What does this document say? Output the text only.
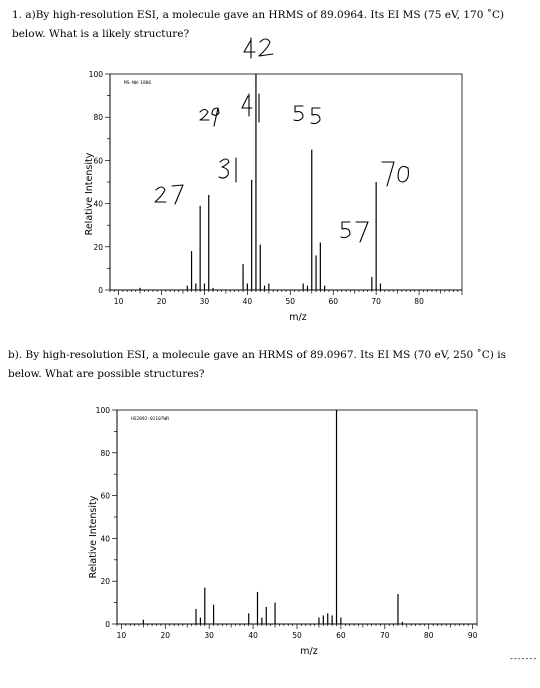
1. a)By high-resolution ESI, a molecule gave an HRMS of 89.0964. Its EI MS (75 eV, 170 ˚C)
below. What is a likely structure?
0
20
40
60
80
100
10	20	30	40	50	60	70	80
m/z
Relative Intensity
MS-NW-1886
b). By high-resolution ESI, a molecule gave an HRMS of 89.0967. Its EI MS (70 eV, 250 ˚C) is
below. What are possible structures?
0
20
40
60
80
100
10	20	30	40	50	60	70	80	90
m/z
Relative Intensity
HS2092-01107WR
-------
